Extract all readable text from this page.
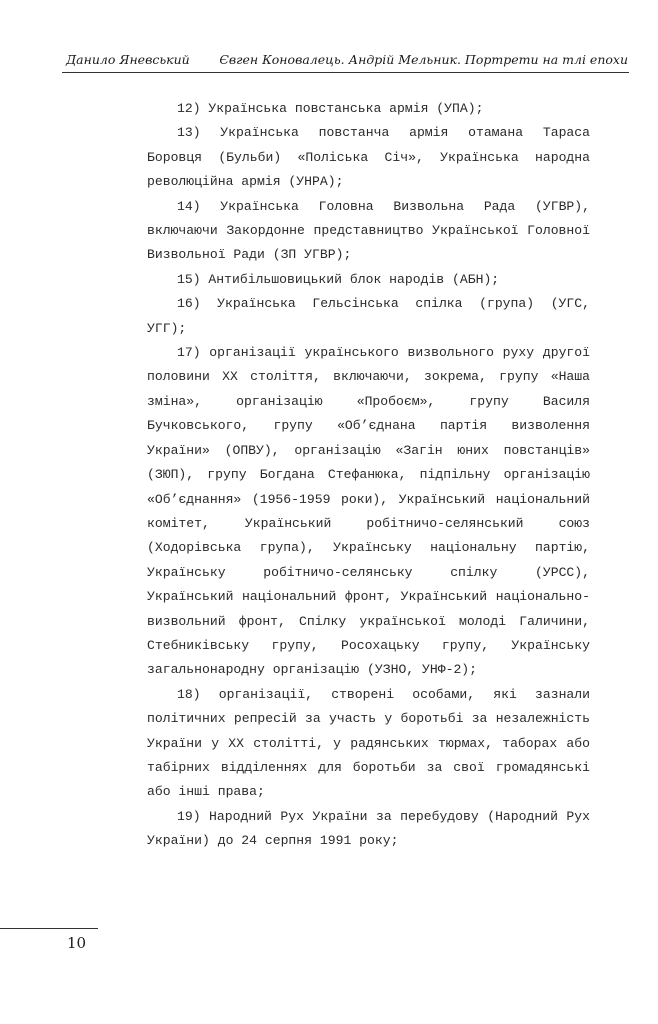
Данило Яневський Євген Коновалець. Андрій Мельник. Портрети на тлі епохи

12) Українська повстанська армія (УПА);

13) Українська повстанча армія отамана Тараса Боровця (Бульби) «Поліська Січ», Українська народна революційна армія (УНРА);

14) Українська Головна Визвольна Рада (УГВР), включаючи Закордонне представництво Української Головної Визвольної Ради (ЗП УГВР);

15) Антибільшовицький блок народів (АБН);

16) Українська Гельсінська спілка (група) (УГС, УГГ);

17) організації українського визвольного руху другої половини ХХ століття, включаючи, зокрема, групу «Наша зміна», організацію «Пробоєм», групу Василя Бучковського, групу «Об’єднана партія визволення України» (ОПВУ), організацію «Загін юних повстанців» (ЗЮП), групу Богдана Стефанюка, підпільну організацію «Об’єднання» (1956-1959 роки), Український національний комітет, Український робітничо-селянський союз (Ходорівська група), Українську національну партію, Українську робітничо-селянську спілку (УРСС), Український національний фронт, Український національно-визвольний фронт, Спілку української молоді Галичини, Стебниківську групу, Росохацьку групу, Українську загальнонародну організацію (УЗНО, УНФ-2);

18) організації, створені особами, які зазнали політичних репресій за участь у боротьбі за незалежність України у ХХ столітті, у радянських тюрмах, таборах або табірних відділеннях для боротьби за свої громадянські або інші права;

19) Народний Рух України за перебудову (Народний Рух України) до 24 серпня 1991 року;

10
